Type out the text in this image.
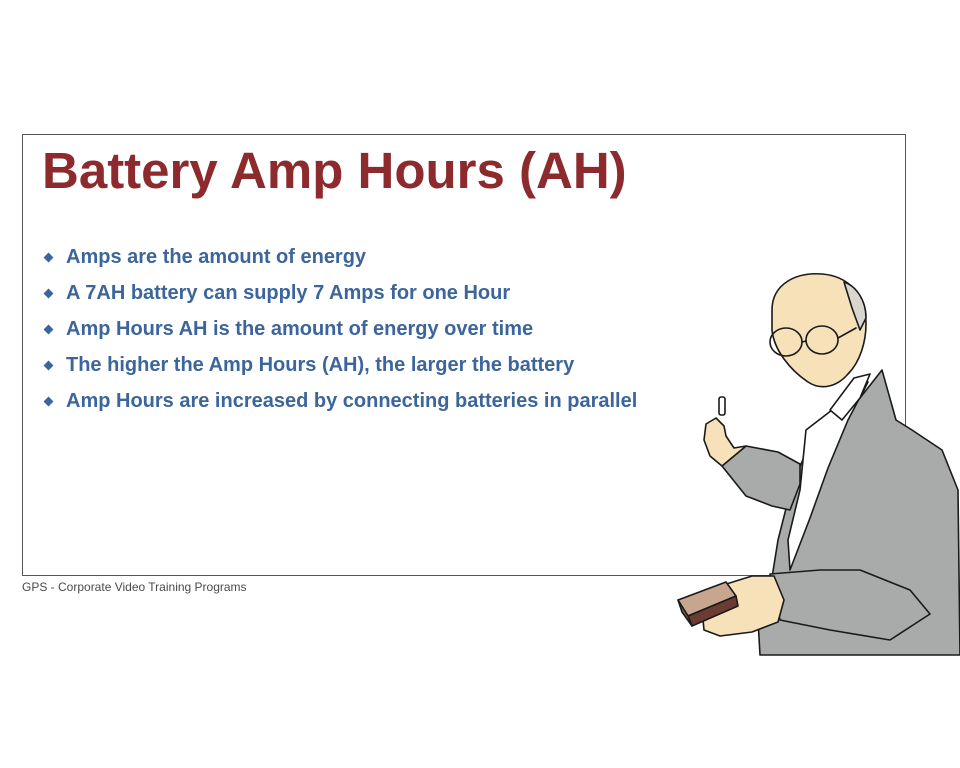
Battery Amp Hours (AH)
Amps are the amount of energy
A 7AH battery can supply 7 Amps for one Hour
Amp Hours AH is the amount of energy over time
The higher the Amp Hours (AH), the larger the battery
Amp Hours are increased by connecting batteries in parallel
GPS - Corporate Video Training Programs
